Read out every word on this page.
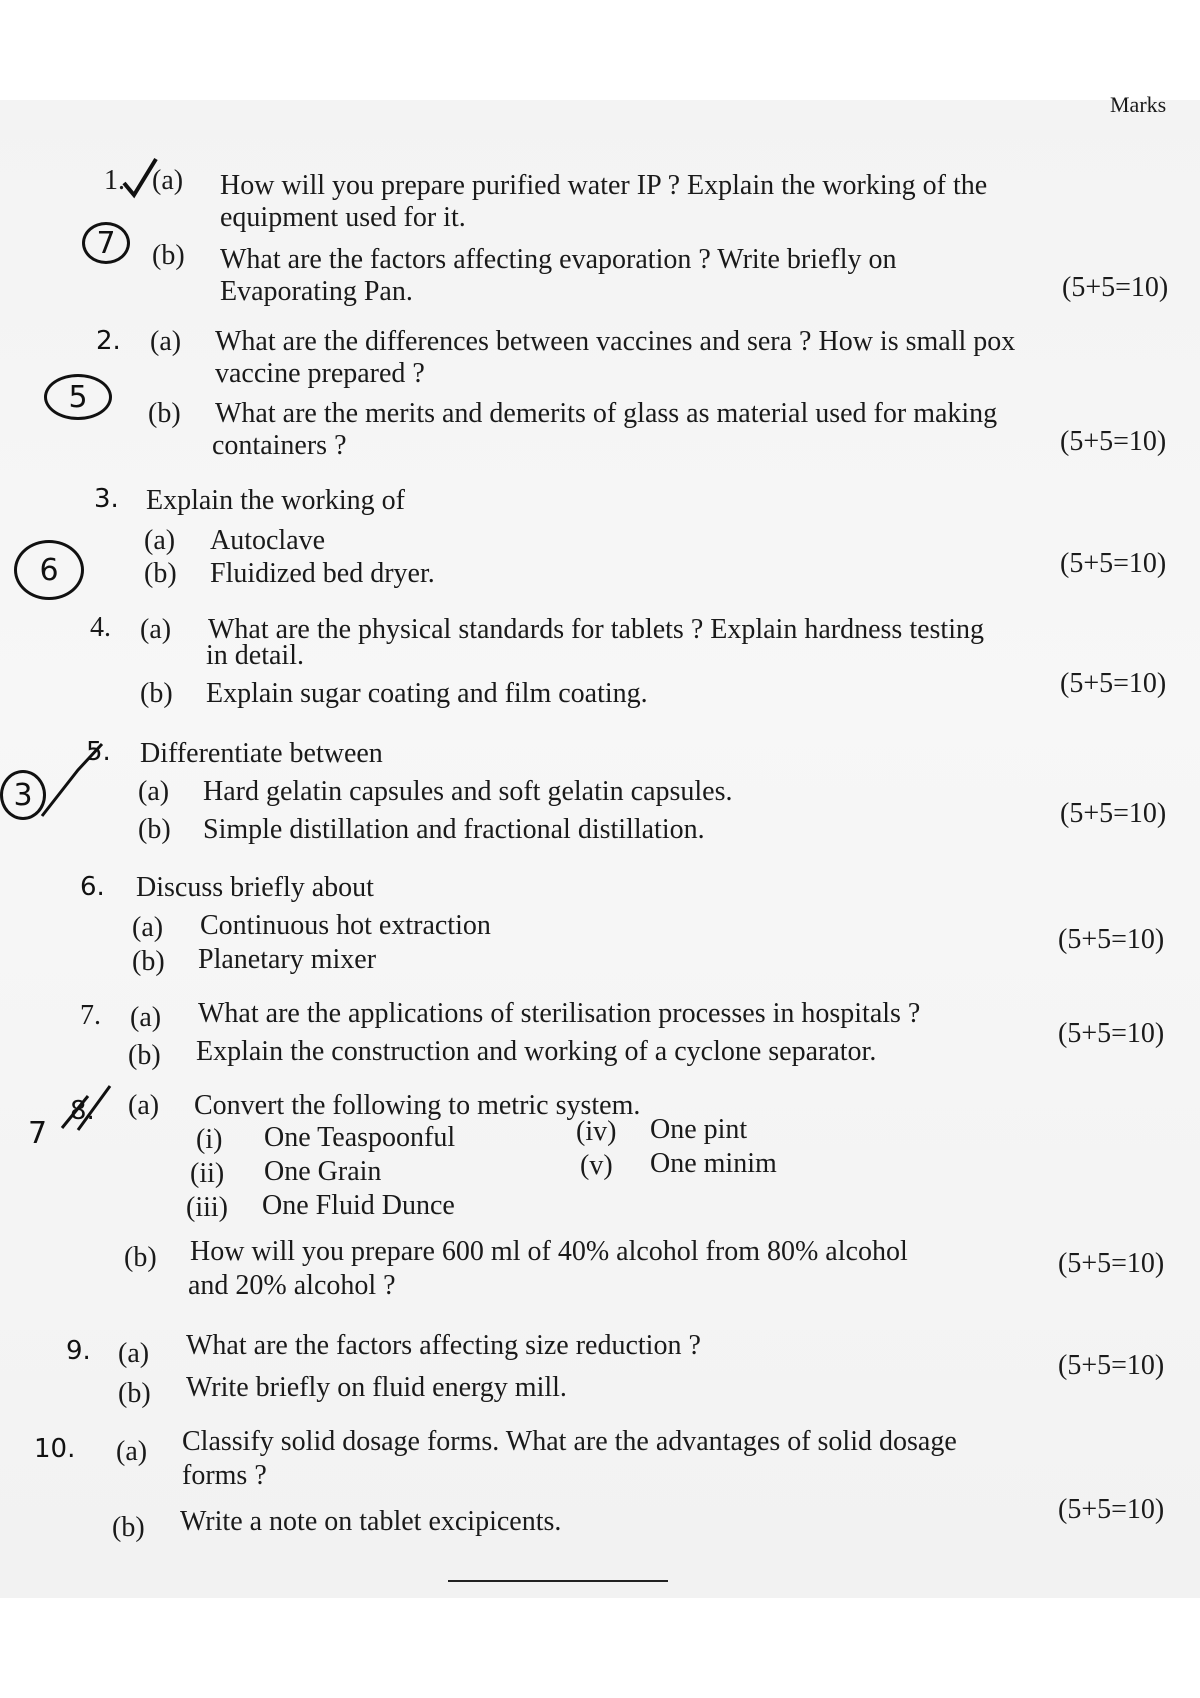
Marks
1. (a) How will you prepare purified water IP ? Explain the working of the
equipment used for it.
7	(b) What are the factors affecting evaporation ? Write briefly on
Evaporating Pan.	(5+5=10)
2. (a) What are the differences between vaccines and sera ? How is small pox
vaccine prepared ?
5	(b) What are the merits and demerits of glass as material used for making
containers ?	(5+5=10)
3. Explain the working of
(a) Autoclave
6	(b) Fluidized bed dryer.	(5+5=10)
4. (a) What are the physical standards for tablets ? Explain hardness testing
in detail.
(b) Explain sugar coating and film coating.	(5+5=10)
5. Differentiate between
3	(a) Hard gelatin capsules and soft gelatin capsules.
(b) Simple distillation and fractional distillation.
(5+5=10)
6. Discuss briefly about
(a) Continuous hot extraction
(b) Planetary mixer
(5+5=10)
7. (a) What are the applications of sterilisation processes in hospitals ?
(b) Explain the construction and working of a cyclone separator.
(5+5=10)
7
8. (a) Convert the following to metric system.
(i) One Teaspoonful
(ii) One Grain
(iii) One Fluid Dunce
(iv) One pint
(v) One minim
(b) How will you prepare 600 ml of 40% alcohol from 80% alcohol
and 20% alcohol ?
(5+5=10)
9. (a) What are the factors affecting size reduction ?
(b) Write briefly on fluid energy mill.
(5+5=10)
10. (a) Classify solid dosage forms. What are the advantages of solid dosage
forms ?
(b) Write a note on tablet excipicents.	(5+5=10)
